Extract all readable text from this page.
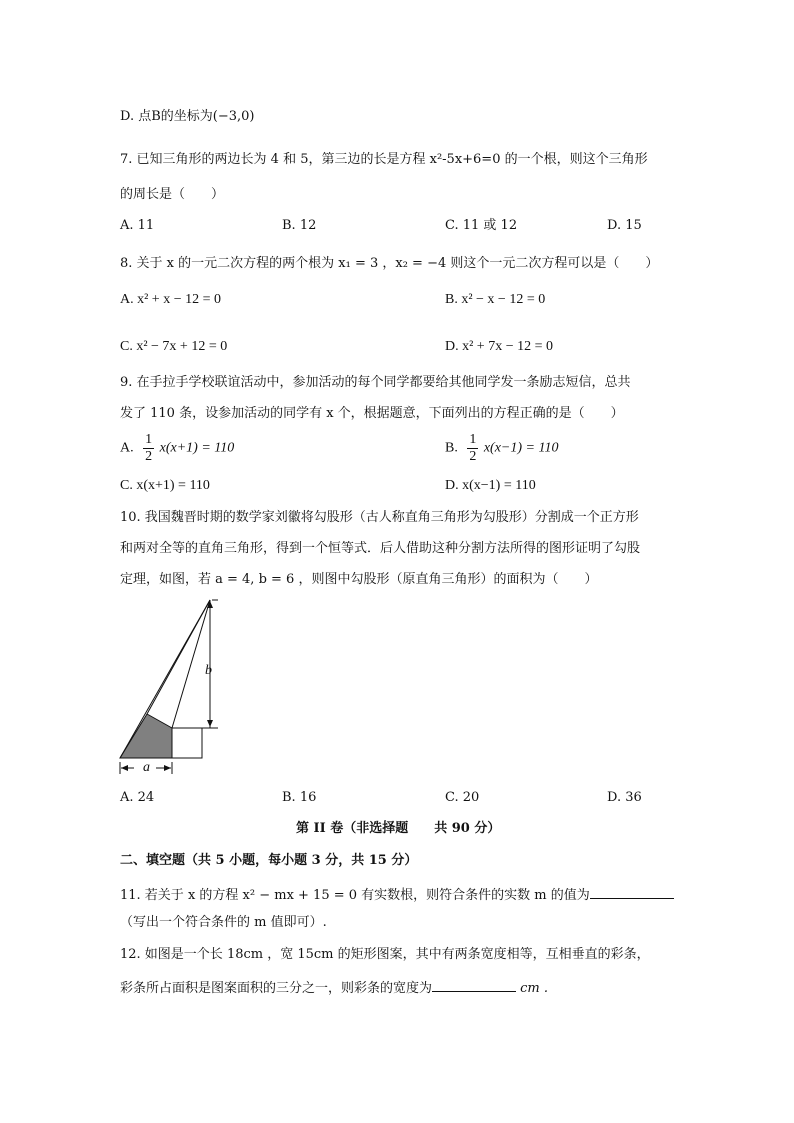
D. 点B的坐标为(−3,0)
7. 已知三角形的两边长为 4 和 5，第三边的长是方程 x²-5x+6=0 的一个根，则这个三角形
的周长是（　　）
A. 11	B. 12	C. 11 或 12	D. 15
8. 关于 x 的一元二次方程的两个根为 x₁ = 3 ，x₂ = −4 则这个一元二次方程可以是（　　）
A. x² + x − 12 = 0	B. x² − x − 12 = 0
C. x² − 7x + 12 = 0	D. x² + 7x − 12 = 0
9. 在手拉手学校联谊活动中，参加活动的每个同学都要给其他同学发一条励志短信，总共
发了 110 条，设参加活动的同学有 x 个，根据题意，下面列出的方程正确的是（　　）
A. $\frac{1}{2} x(x+1) = 110$	B. $\frac{1}{2} x(x-1) = 110$
C. x(x+1) = 110	D. x(x−1) = 110
10. 我国魏晋时期的数学家刘徽将勾股形（古人称直角三角形为勾股形）分割成一个正方形
和两对全等的直角三角形，得到一个恒等式．后人借助这种分割方法所得的图形证明了勾股
定理，如图，若 a = 4, b = 6 ，则图中勾股形（原直角三角形）的面积为（　　）
b
a
A. 24	B. 16	C. 20	D. 36
第 II 卷（非选择题　　共 90 分）
二、填空题（共 5 小题，每小题 3 分，共 15 分）
11. 若关于 x 的方程 x² − mx + 15 = 0 有实数根，则符合条件的实数 m 的值为
（写出一个符合条件的 m 值即可）.
12. 如图是一个长 18cm ，宽 15cm 的矩形图案，其中有两条宽度相等，互相垂直的彩条，
彩条所占面积是图案面积的三分之一，则彩条的宽度为	cm .
